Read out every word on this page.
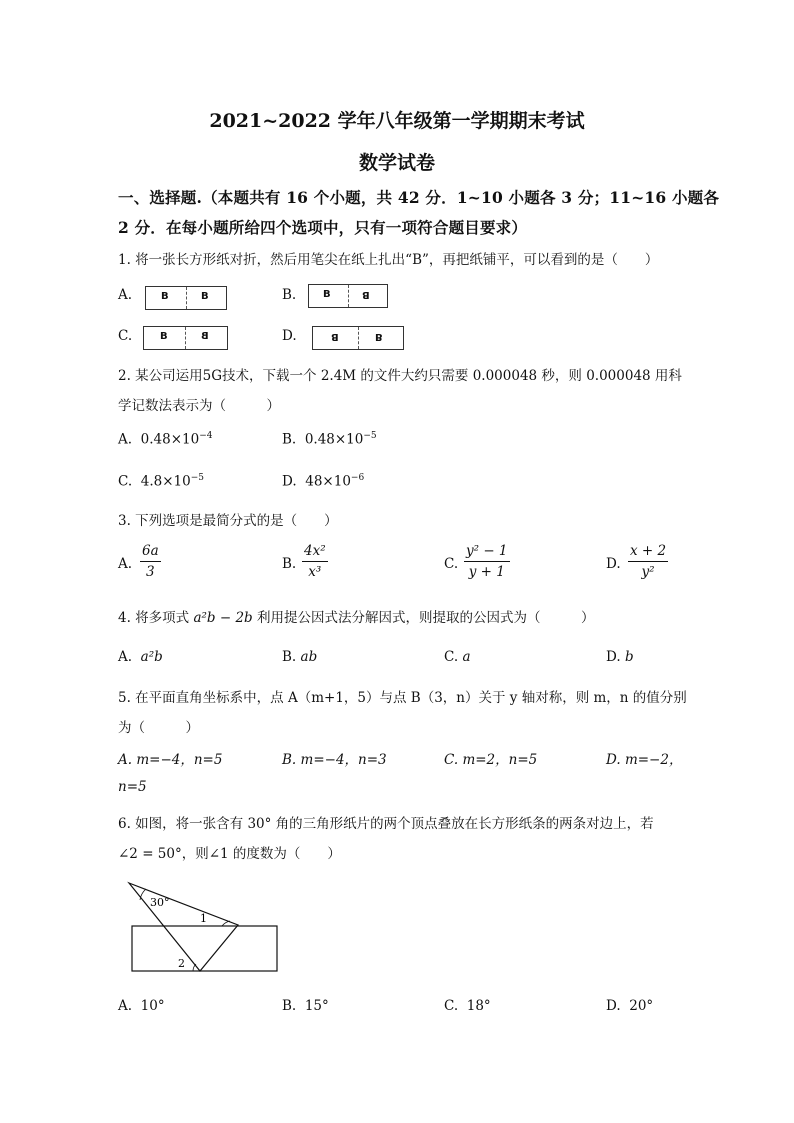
2021~2022 学年八年级第一学期期末考试
数学试卷
一、选择题.（本题共有 16 个小题，共 42 分．1~10 小题各 3 分；11~16 小题各
2 分．在每小题所给四个选项中，只有一项符合题目要求）
1. 将一张长方形纸对折，然后用笔尖在纸上扎出“B”，再把纸铺平，可以看到的是（　　）
A.	B	B	B.	B	B
C.	B	B	D.	B	B
2. 某公司运用5G技术，下载一个 2.4M 的文件大约只需要 0.000048 秒，则 0.000048 用科
学记数法表示为（　　　）
A. $0.48\times 10^{-4}$	B. $0.48\times 10^{-5}$
C. $4.8\times 10^{-5}$	D. $48\times 10^{-6}$
3. 下列选项是最简分式的是（　　）
A.
6a
3	B.
4x²
x³	C.
y² − 1
y + 1	D.
x + 2
y²
4. 将多项式 a²b − 2b 利用提公因式法分解因式，则提取的公因式为（　　　）
A. a²b	B. ab	C. a	D. b
5. 在平面直角坐标系中，点 A（m+1，5）与点 B（3，n）关于 y 轴对称，则 m，n 的值分别
为（　　　）
A. m=−4，n=5	B. m=−4，n=3	C. m=2，n=5	D. m=−2，
n=5
6. 如图，将一张含有 30° 角的三角形纸片的两个顶点叠放在长方形纸条的两条对边上，若
∠2 = 50°，则∠1 的度数为（　　）
30°
1
2
A. 10°	B. 15°	C. 18°	D. 20°
